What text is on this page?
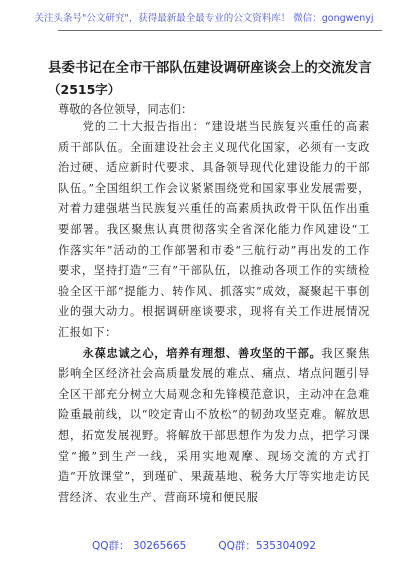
关注头条号"公文研究"，获得最新最全最专业的公文资料库！ 微信：gongwenyj
县委书记在全市干部队伍建设调研座谈会上的交流发言
（2515字）
尊敬的各位领导，同志们：

党的二十大报告指出：“建设堪当民族复兴重任的高素质干部队伍。全面建设社会主义现代化国家，必须有一支政治过硬、适应新时代要求、具备领导现代化建设能力的干部队伍。”全国组织工作会议紧紧围绕党和国家事业发展需要，对着力建强堪当民族复兴重任的高素质执政骨干队伍作出重要部署。我区聚焦认真贯彻落实全省深化能力作风建设“工作落实年”活动的工作部署和市委“三航行动”再出发的工作要求，坚持打造“三有”干部队伍，以推动各项工作的实绩检验全区干部“提能力、转作风、抓落实”成效，凝聚起干事创业的强大动力。根据调研座谈要求，现将有关工作进展情况汇报如下：

永葆忠诚之心，培养有理想、善攻坚的干部。我区聚焦影响全区经济社会高质量发展的难点、痛点、堵点问题引导全区干部充分树立大局观念和先锋模范意识，主动冲在急难险重最前线，以“咬定青山不放松”的韧劲攻坚克难。解放思想，拓宽发展视野。将解放干部思想作为发力点，把学习课堂“搬”到生产一线，采用实地观摩、现场交流的方式打造“开放课堂”，到瑾矿、果蔬基地、税务大厅等实地走访民营经济、农业生产、营商环境和便民服

QQ群： 30265665	QQ群：535304092
